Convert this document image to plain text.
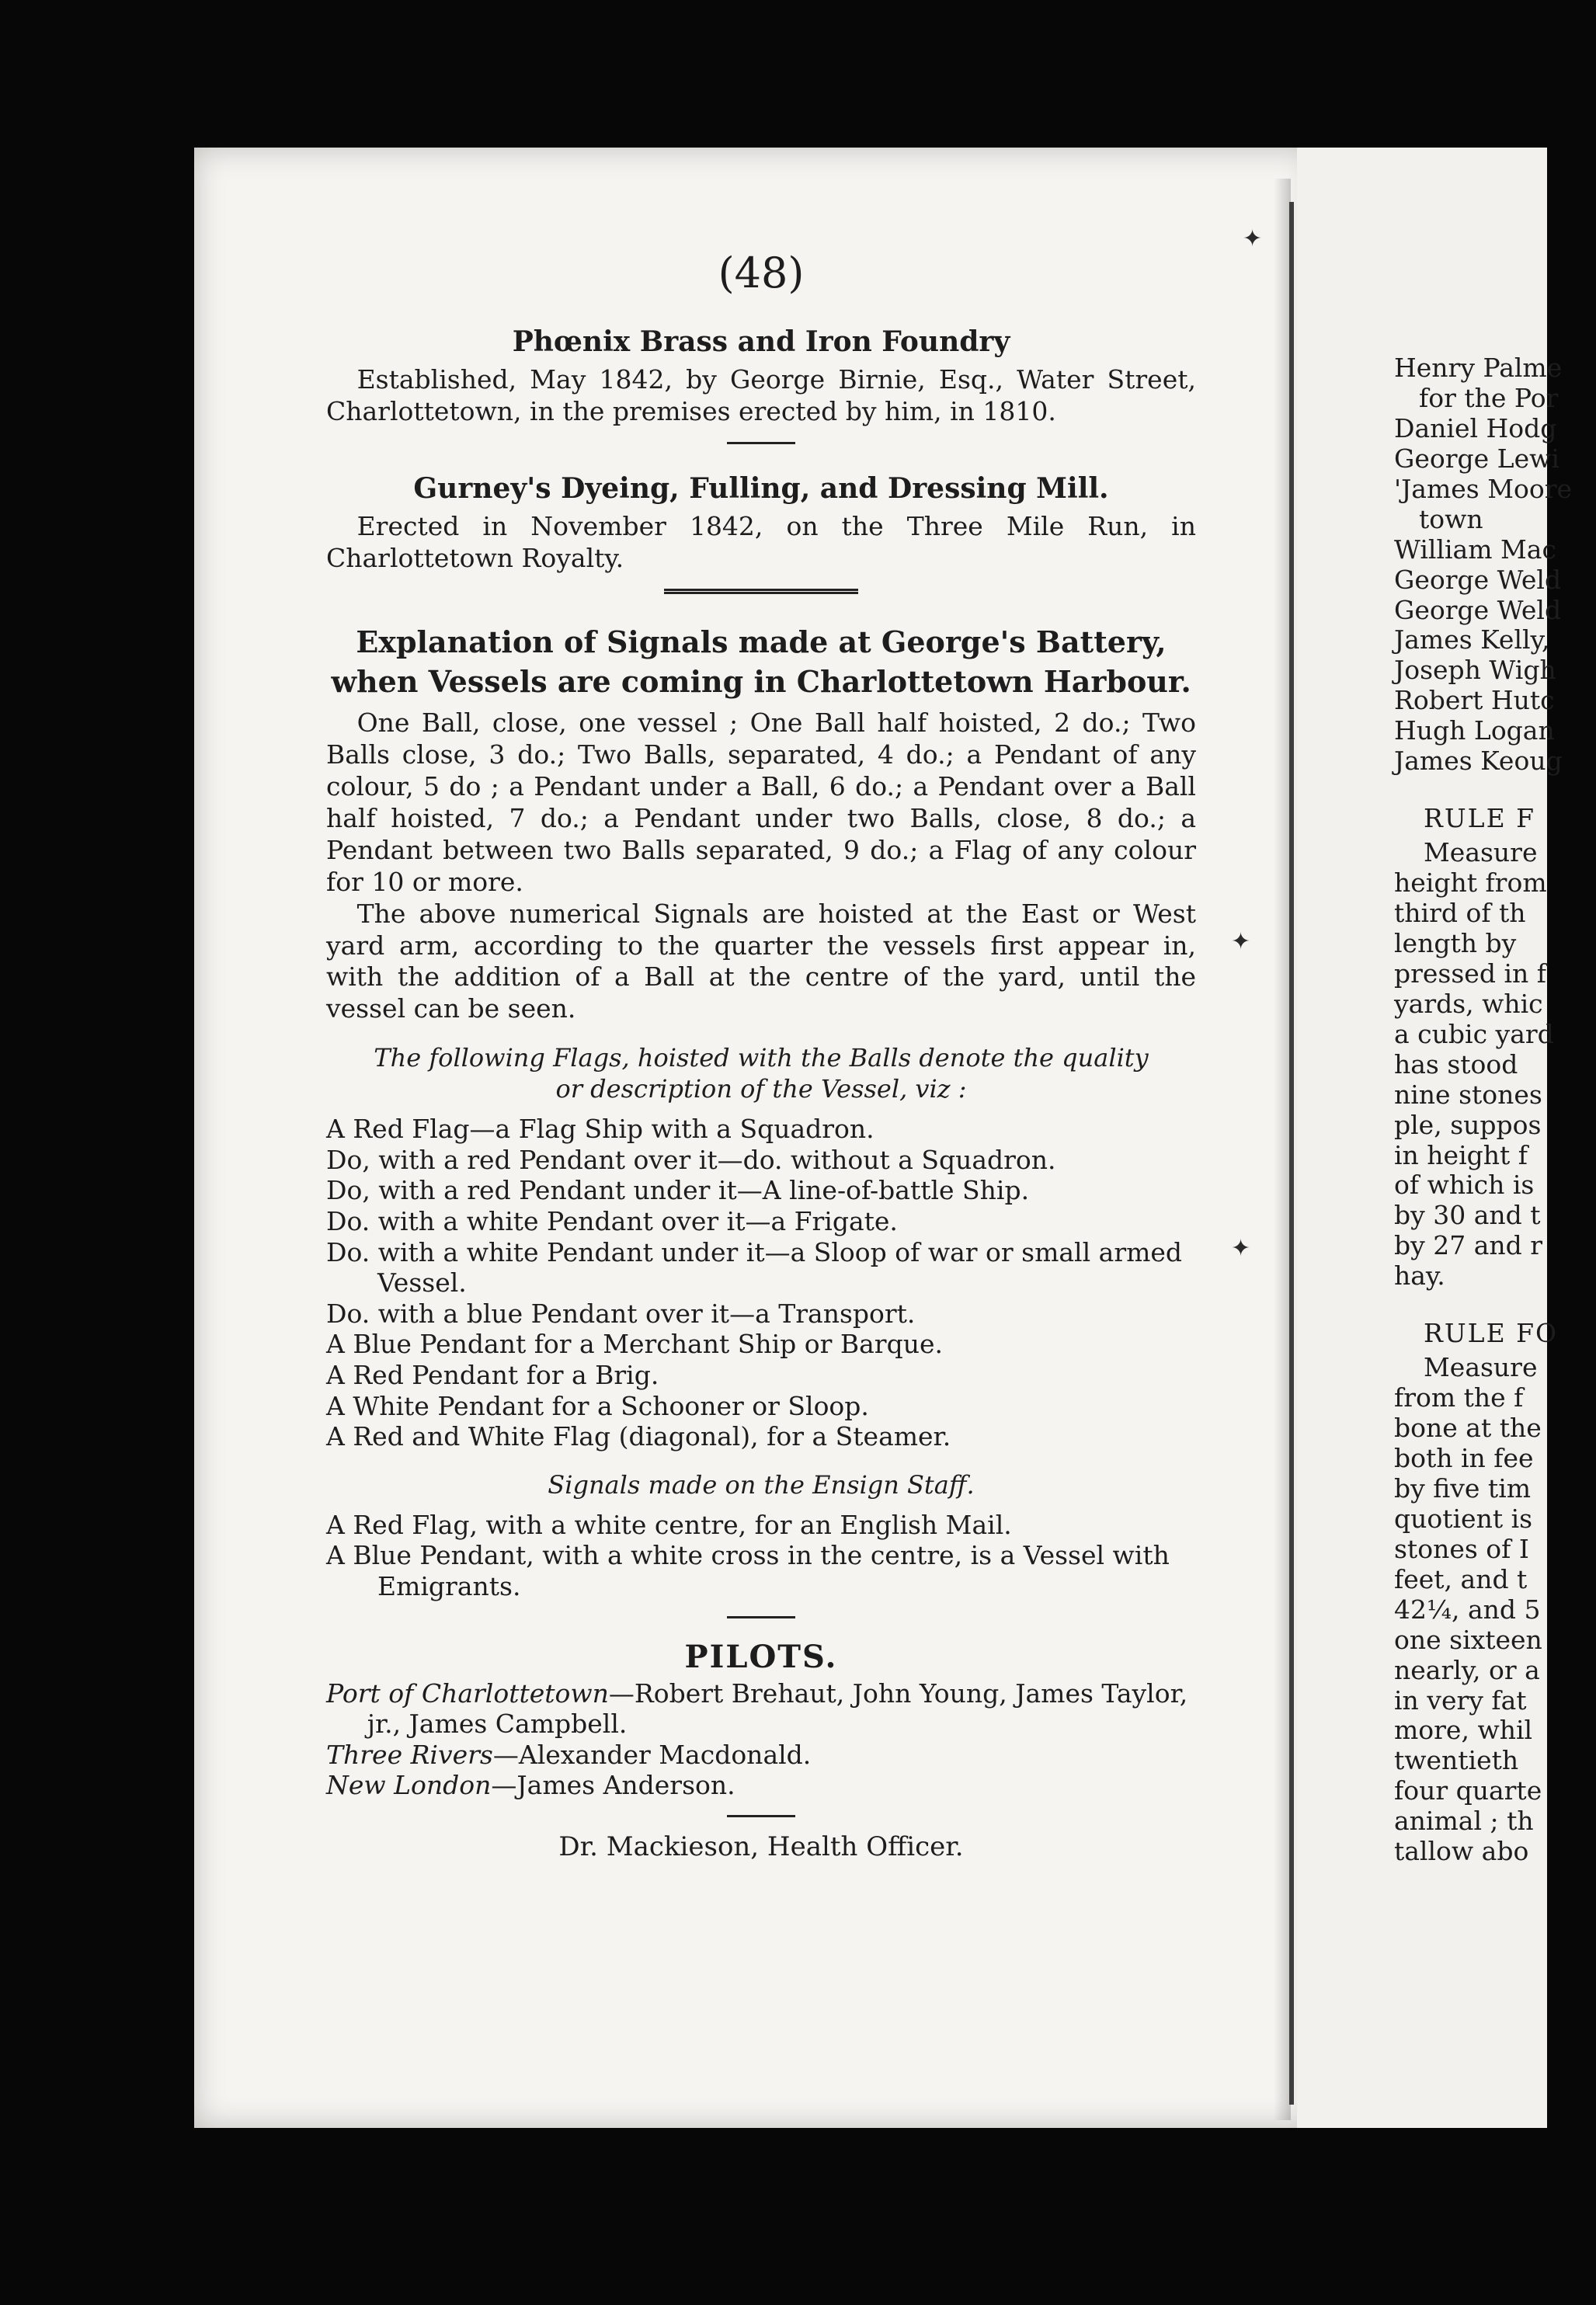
(48)
Phœnix Brass and Iron Foundry

Established, May 1842, by George Birnie, Esq., Water Street, Charlottetown, in the premises erected by him, in 1810.

Gurney's Dyeing, Fulling, and Dressing Mill.

Erected in November 1842, on the Three Mile Run, in Charlottetown Royalty.

Explanation of Signals made at George's Battery, when Vessels are coming in Charlottetown Harbour.

One Ball, close, one vessel ; One Ball half hoisted, 2 do.; Two Balls close, 3 do.; Two Balls, separated, 4 do.; a Pendant of any colour, 5 do ; a Pendant under a Ball, 6 do.; a Pendant over a Ball half hoisted, 7 do.; a Pendant under two Balls, close, 8 do.; a Pendant between two Balls separated, 9 do.; a Flag of any colour for 10 or more.

The above numerical Signals are hoisted at the East or West yard arm, according to the quarter the vessels first appear in, with the addition of a Ball at the centre of the yard, until the vessel can be seen.

The following Flags, hoisted with the Balls denote the quality or description of the Vessel, viz :

A Red Flag—a Flag Ship with a Squadron.

Do, with a red Pendant over it—do. without a Squadron.

Do, with a red Pendant under it—A line-of-battle Ship.

Do. with a white Pendant over it—a Frigate.

Do. with a white Pendant under it—a Sloop of war or small armed Vessel.

Do. with a blue Pendant over it—a Transport.

A Blue Pendant for a Merchant Ship or Barque.

A Red Pendant for a Brig.

A White Pendant for a Schooner or Sloop.

A Red and White Flag (diagonal), for a Steamer.

Signals made on the Ensign Staff.

A Red Flag, with a white centre, for an English Mail.

A Blue Pendant, with a white cross in the centre, is a Vessel with Emigrants.

PILOTS.

Port of Charlottetown—Robert Brehaut, John Young, James Taylor, jr., James Campbell.

Three Rivers—Alexander Macdonald.

New London—James Anderson.

Dr. Mackieson, Health Officer.

Henry Palme

for the Por

Daniel Hodg

George Lewi

'James Moore

town

William Mac

George Weld

George Weld

James Kelly,

Joseph Wigh

Robert Hutc

Hugh Logan

James Keoug

RULE F

Measure

height from

third of th

length by

pressed in f

yards, whic

a cubic yard

has stood

nine stones

ple, suppos

in height f

of which is

by 30 and t

by 27 and r

hay.

RULE FO

Measure

from the f

bone at the

both in fee

by five tim

quotient is

stones of I

feet, and t

42¼, and 5

one sixteen

nearly, or a

in very fat

more, whil

twentieth

four quarte

animal ; th

tallow abo

✦
✦
✦
